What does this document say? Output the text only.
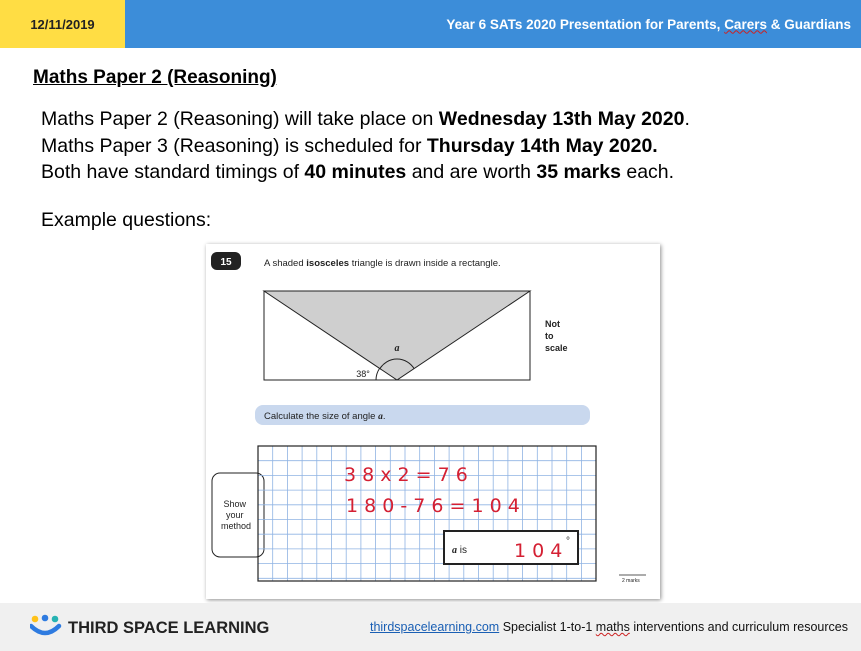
12/11/2019	Year 6 SATs 2020 Presentation for Parents, Carers & Guardians
Maths Paper 2 (Reasoning)

Maths Paper 2 (Reasoning) will take place on Wednesday 13th May 2020.

Maths Paper 3 (Reasoning) is scheduled for Thursday 14th May 2020.

Both have standard timings of 40 minutes and are worth 35 marks each.

Example questions:
15	A shaded isosceles triangle is drawn inside a rectangle.
a
38°
Not to scale
Calculate the size of angle a.
Show your method
3 8 x 2 = 7 6
1 8 0 - 7 6 = 1 0 4
a is 1 0 4 °
2 marks
THIRD SPACE LEARNING	thirdspacelearning.com Specialist 1-to-1 maths interventions and curriculum resources
